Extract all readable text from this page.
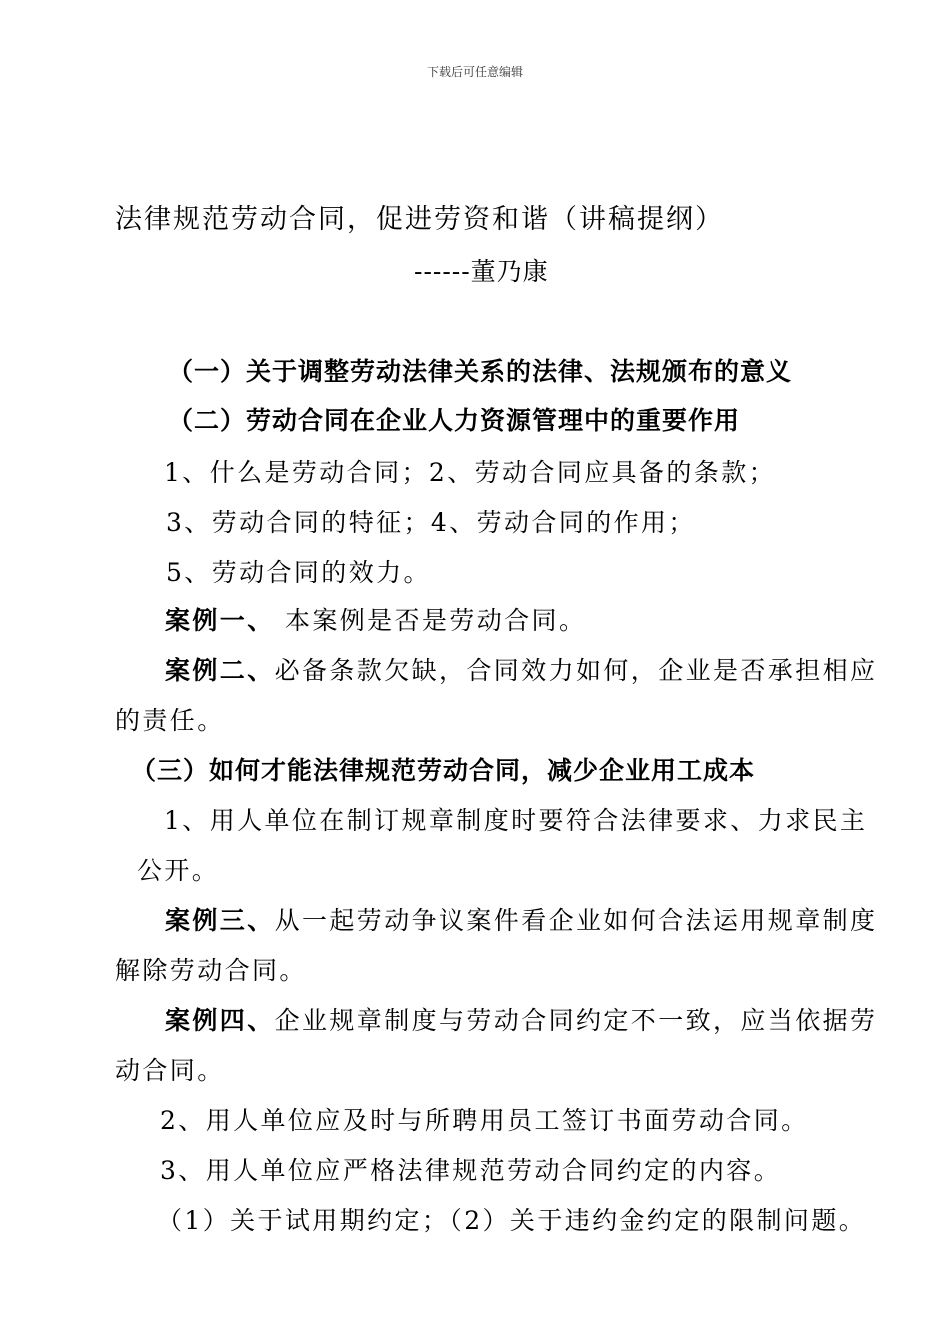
下载后可任意编辑
法律规范劳动合同，促进劳资和谐（讲稿提纲）
------董乃康
（一）关于调整劳动法律关系的法律、法规颁布的意义
（二）劳动合同在企业人力资源管理中的重要作用
1、什么是劳动合同；2、劳动合同应具备的条款；
3、劳动合同的特征；4、劳动合同的作用；
5、劳动合同的效力。
案例一、 本案例是否是劳动合同。
案例二、必备条款欠缺，合同效力如何，企业是否承担相应
的责任。
（三）如何才能法律规范劳动合同，减少企业用工成本
1、用人单位在制订规章制度时要符合法律要求、力求民主
公开。
案例三、从一起劳动争议案件看企业如何合法运用规章制度
解除劳动合同。
案例四、企业规章制度与劳动合同约定不一致，应当依据劳
动合同。
2、用人单位应及时与所聘用员工签订书面劳动合同。
3、用人单位应严格法律规范劳动合同约定的内容。
（1）关于试用期约定；（2）关于违约金约定的限制问题。
